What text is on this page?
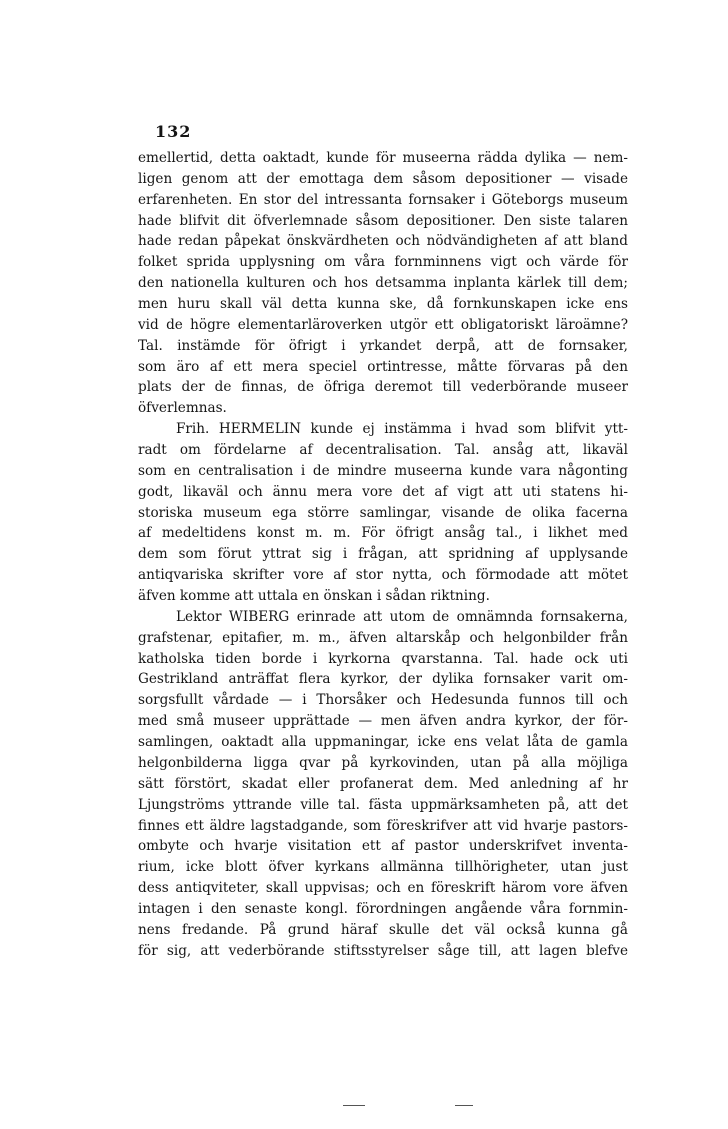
132
emellertid, detta oaktadt, kunde för museerna rädda dylika — nem-
ligen genom att der emottaga dem såsom depositioner — visade
erfarenheten. En stor del intressanta fornsaker i Göteborgs museum
hade blifvit dit öfverlemnade såsom depositioner. Den siste talaren
hade redan påpekat önskvärdheten och nödvändigheten af att bland
folket sprida upplysning om våra fornminnens vigt och värde för
den nationella kulturen och hos detsamma inplanta kärlek till dem;
men huru skall väl detta kunna ske, då fornkunskapen icke ens
vid de högre elementarläroverken utgör ett obligatoriskt läroämne?
Tal. instämde för öfrigt i yrkandet derpå, att de fornsaker,
som äro af ett mera speciel ortintresse, måtte förvaras på den
plats der de finnas, de öfriga deremot till vederbörande museer
öfverlemnas.
Frih. HERMELIN kunde ej instämma i hvad som blifvit ytt-
radt om fördelarne af decentralisation. Tal. ansåg att, likaväl
som en centralisation i de mindre museerna kunde vara någonting
godt, likaväl och ännu mera vore det af vigt att uti statens hi-
storiska museum ega större samlingar, visande de olika facerna
af medeltidens konst m. m. För öfrigt ansåg tal., i likhet med
dem som förut yttrat sig i frågan, att spridning af upplysande
antiqvariska skrifter vore af stor nytta, och förmodade att mötet
äfven komme att uttala en önskan i sådan riktning.
Lektor WIBERG erinrade att utom de omnämnda fornsakerna,
grafstenar, epitafier, m. m., äfven altarskåp och helgonbilder från
katholska tiden borde i kyrkorna qvarstanna. Tal. hade ock uti
Gestrikland anträffat flera kyrkor, der dylika fornsaker varit om-
sorgsfullt vårdade — i Thorsåker och Hedesunda funnos till och
med små museer upprättade — men äfven andra kyrkor, der för-
samlingen, oaktadt alla uppmaningar, icke ens velat låta de gamla
helgonbilderna ligga qvar på kyrkovinden, utan på alla möjliga
sätt förstört, skadat eller profanerat dem. Med anledning af hr
Ljungströms yttrande ville tal. fästa uppmärksamheten på, att det
finnes ett äldre lagstadgande, som föreskrifver att vid hvarje pastors-
ombyte och hvarje visitation ett af pastor underskrifvet inventa-
rium, icke blott öfver kyrkans allmänna tillhörigheter, utan just
dess antiqviteter, skall uppvisas; och en föreskrift härom vore äfven
intagen i den senaste kongl. förordningen angående våra fornmin-
nens fredande. På grund häraf skulle det väl också kunna gå
för sig, att vederbörande stiftsstyrelser såge till, att lagen blefve
